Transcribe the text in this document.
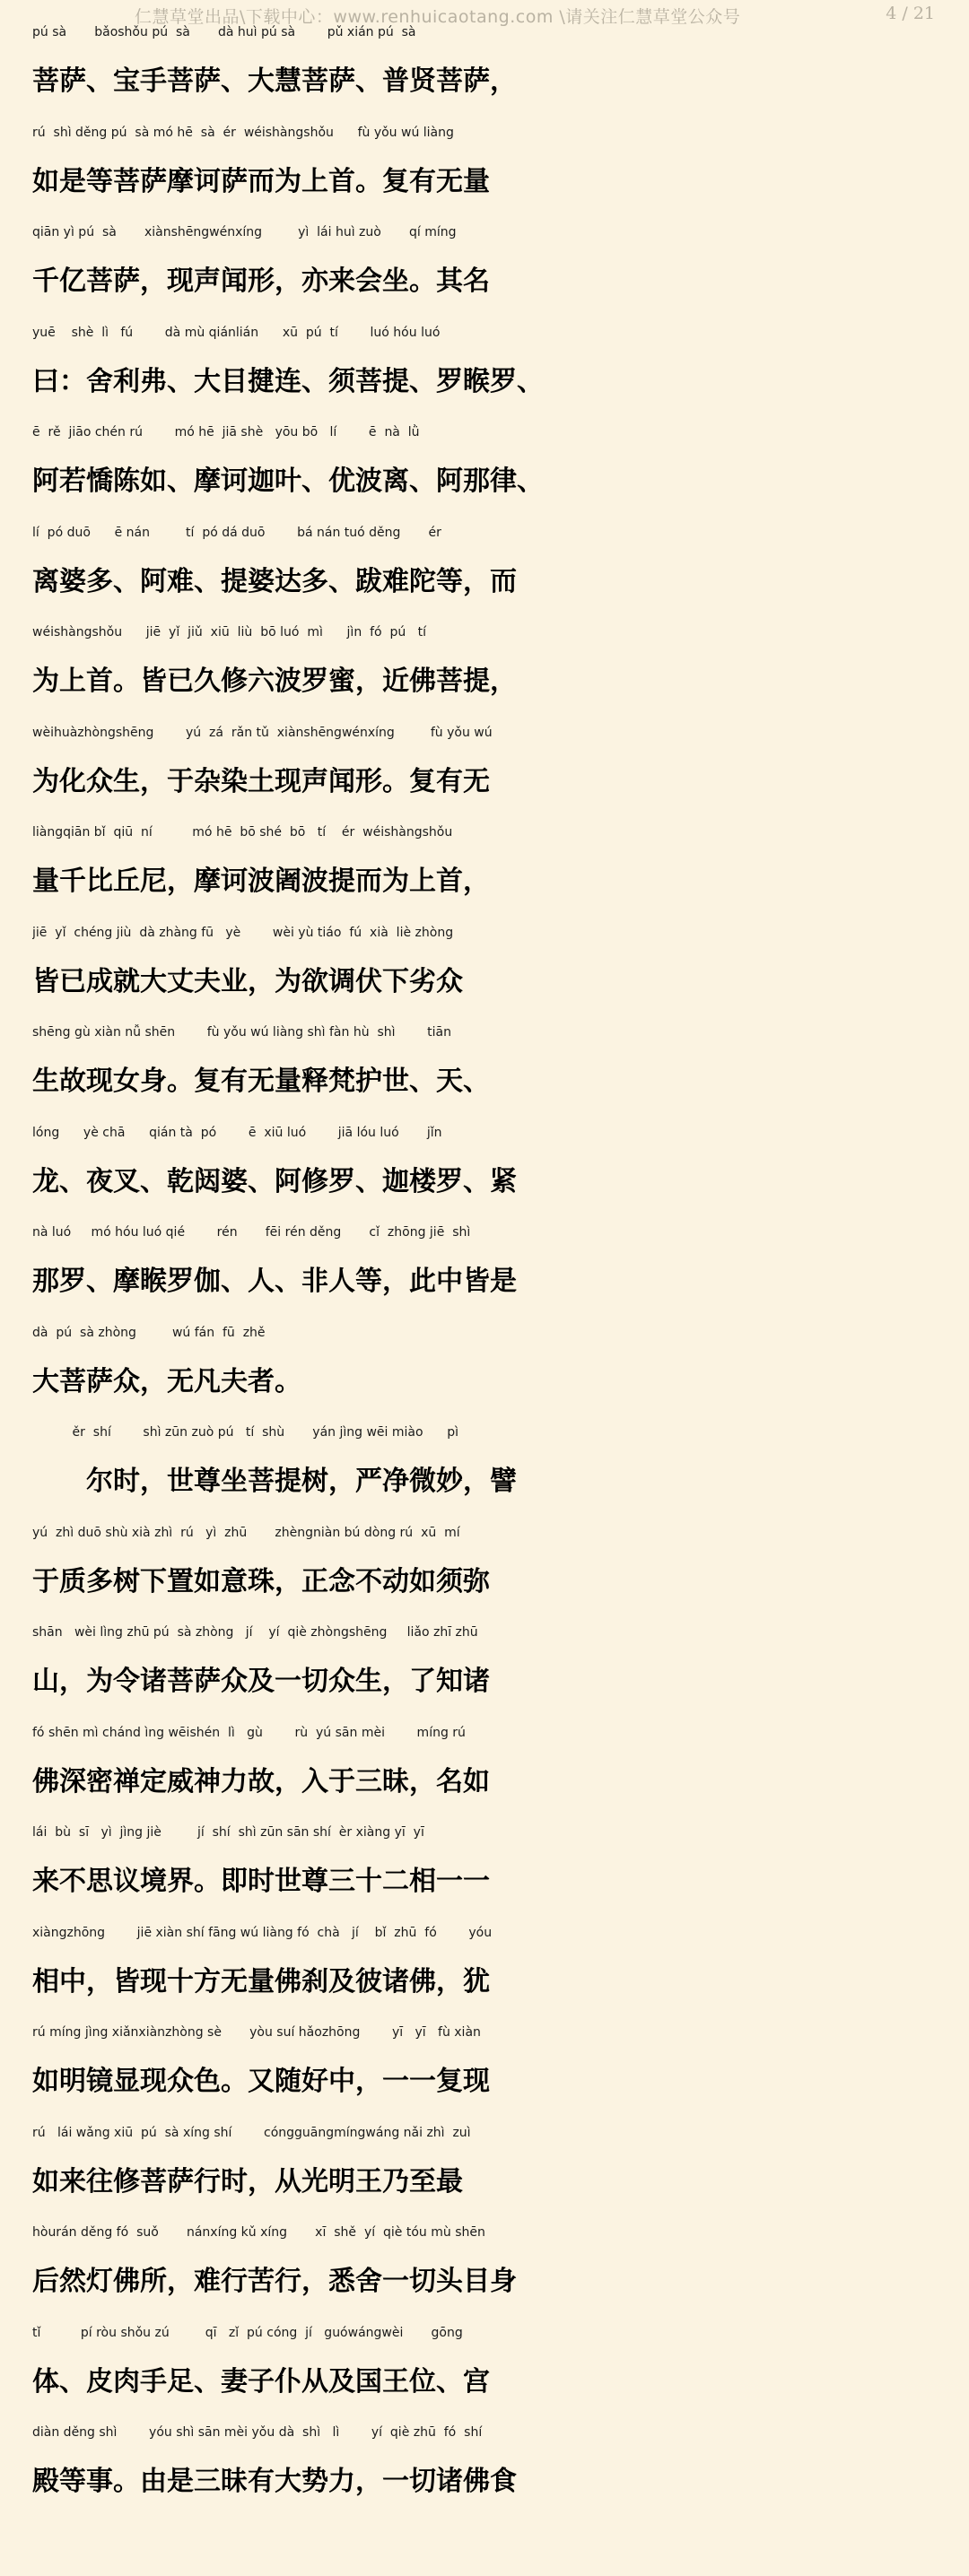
仁慧草堂出品\下载中心：www.renhuicaotang.com \请关注仁慧草堂公众号	4 / 21
pú sà       bǎoshǒu pú  sà       dà huì pú sà        pǔ xián pú  sà
菩萨、宝手菩萨、大慧菩萨、普贤菩萨，
rú  shì děng pú  sà mó hē  sà  ér  wéishàngshǒu      fù yǒu wú liàng
如是等菩萨摩诃萨而为上首。复有无量
qiān yì pú  sà       xiànshēngwénxíng         yì  lái huì zuò       qí míng
千亿菩萨，现声闻形，亦来会坐。其名
yuē    shè  lì   fú        dà mù qiánlián      xū  pú  tí        luó hóu luó
曰：舍利弗、大目揵连、须菩提、罗睺罗、
ē  rě  jiāo chén rú        mó hē  jiā shè   yōu bō   lí        ē  nà  lǜ
阿若憍陈如、摩诃迦叶、优波离、阿那律、
lí  pó duō      ē nán         tí  pó dá duō        bá nán tuó děng       ér
离婆多、阿难、提婆达多、跋难陀等，而
wéishàngshǒu      jiē  yǐ  jiǔ  xiū  liù  bō luó  mì      jìn  fó  pú   tí
为上首。皆已久修六波罗蜜，近佛菩提，
wèihuàzhòngshēng        yú  zá  rǎn tǔ  xiànshēngwénxíng         fù yǒu wú
为化众生，于杂染土现声闻形。复有无
liàngqiān bǐ  qiū  ní          mó hē  bō shé  bō   tí    ér  wéishàngshǒu
量千比丘尼，摩诃波阇波提而为上首，
jiē  yǐ  chéng jiù  dà zhàng fū   yè        wèi yù tiáo  fú  xià  liè zhòng
皆已成就大丈夫业，为欲调伏下劣众
shēng gù xiàn nǚ shēn        fù yǒu wú liàng shì fàn hù  shì        tiān
生故现女身。复有无量释梵护世、天、
lóng      yè chā      qián tà  pó        ē  xiū luó        jiā lóu luó       jǐn
龙、夜叉、乾闼婆、阿修罗、迦楼罗、紧
nà luó     mó hóu luó qié        rén       fēi rén děng       cǐ  zhōng jiē  shì
那罗、摩睺罗伽、人、非人等，此中皆是
dà  pú  sà zhòng         wú fán  fū  zhě
大菩萨众，无凡夫者。
ěr  shí        shì zūn zuò pú   tí  shù       yán jìng wēi miào      pì
　　尔时，世尊坐菩提树，严净微妙，譬
yú  zhì duō shù xià zhì  rú   yì  zhū       zhèngniàn bú dòng rú  xū  mí
于质多树下置如意珠，正念不动如须弥
shān   wèi lìng zhū pú  sà zhòng   jí    yí  qiè zhòngshēng     liǎo zhī zhū
山，为令诸菩萨众及一切众生，了知诸
fó shēn mì chánd ìng wēishén  lì   gù        rù  yú sān mèi        míng rú
佛深密禅定威神力故，入于三昧，名如
lái  bù  sī   yì  jìng jiè         jí  shí  shì zūn sān shí  èr xiàng yī  yī
来不思议境界。即时世尊三十二相一一
xiàngzhōng        jiē xiàn shí fāng wú liàng fó  chà   jí    bǐ  zhū  fó        yóu
相中，皆现十方无量佛刹及彼诸佛，犹
rú míng jìng xiǎnxiànzhòng sè       yòu suí hǎozhōng        yī   yī   fù xiàn
如明镜显现众色。又随好中，一一复现
rú   lái wǎng xiū  pú  sà xíng shí        cóngguāngmíngwáng nǎi zhì  zuì
如来往修菩萨行时，从光明王乃至最
hòurán děng fó  suǒ       nánxíng kǔ xíng       xī  shě  yí  qiè tóu mù shēn
后然灯佛所，难行苦行，悉舍一切头目身
tǐ          pí ròu shǒu zú         qī   zǐ  pú cóng  jí   guówángwèi       gōng
体、皮肉手足、妻子仆从及国王位、宫
diàn děng shì        yóu shì sān mèi yǒu dà  shì   lì        yí  qiè zhū  fó  shí
殿等事。由是三昧有大势力，一切诸佛食
